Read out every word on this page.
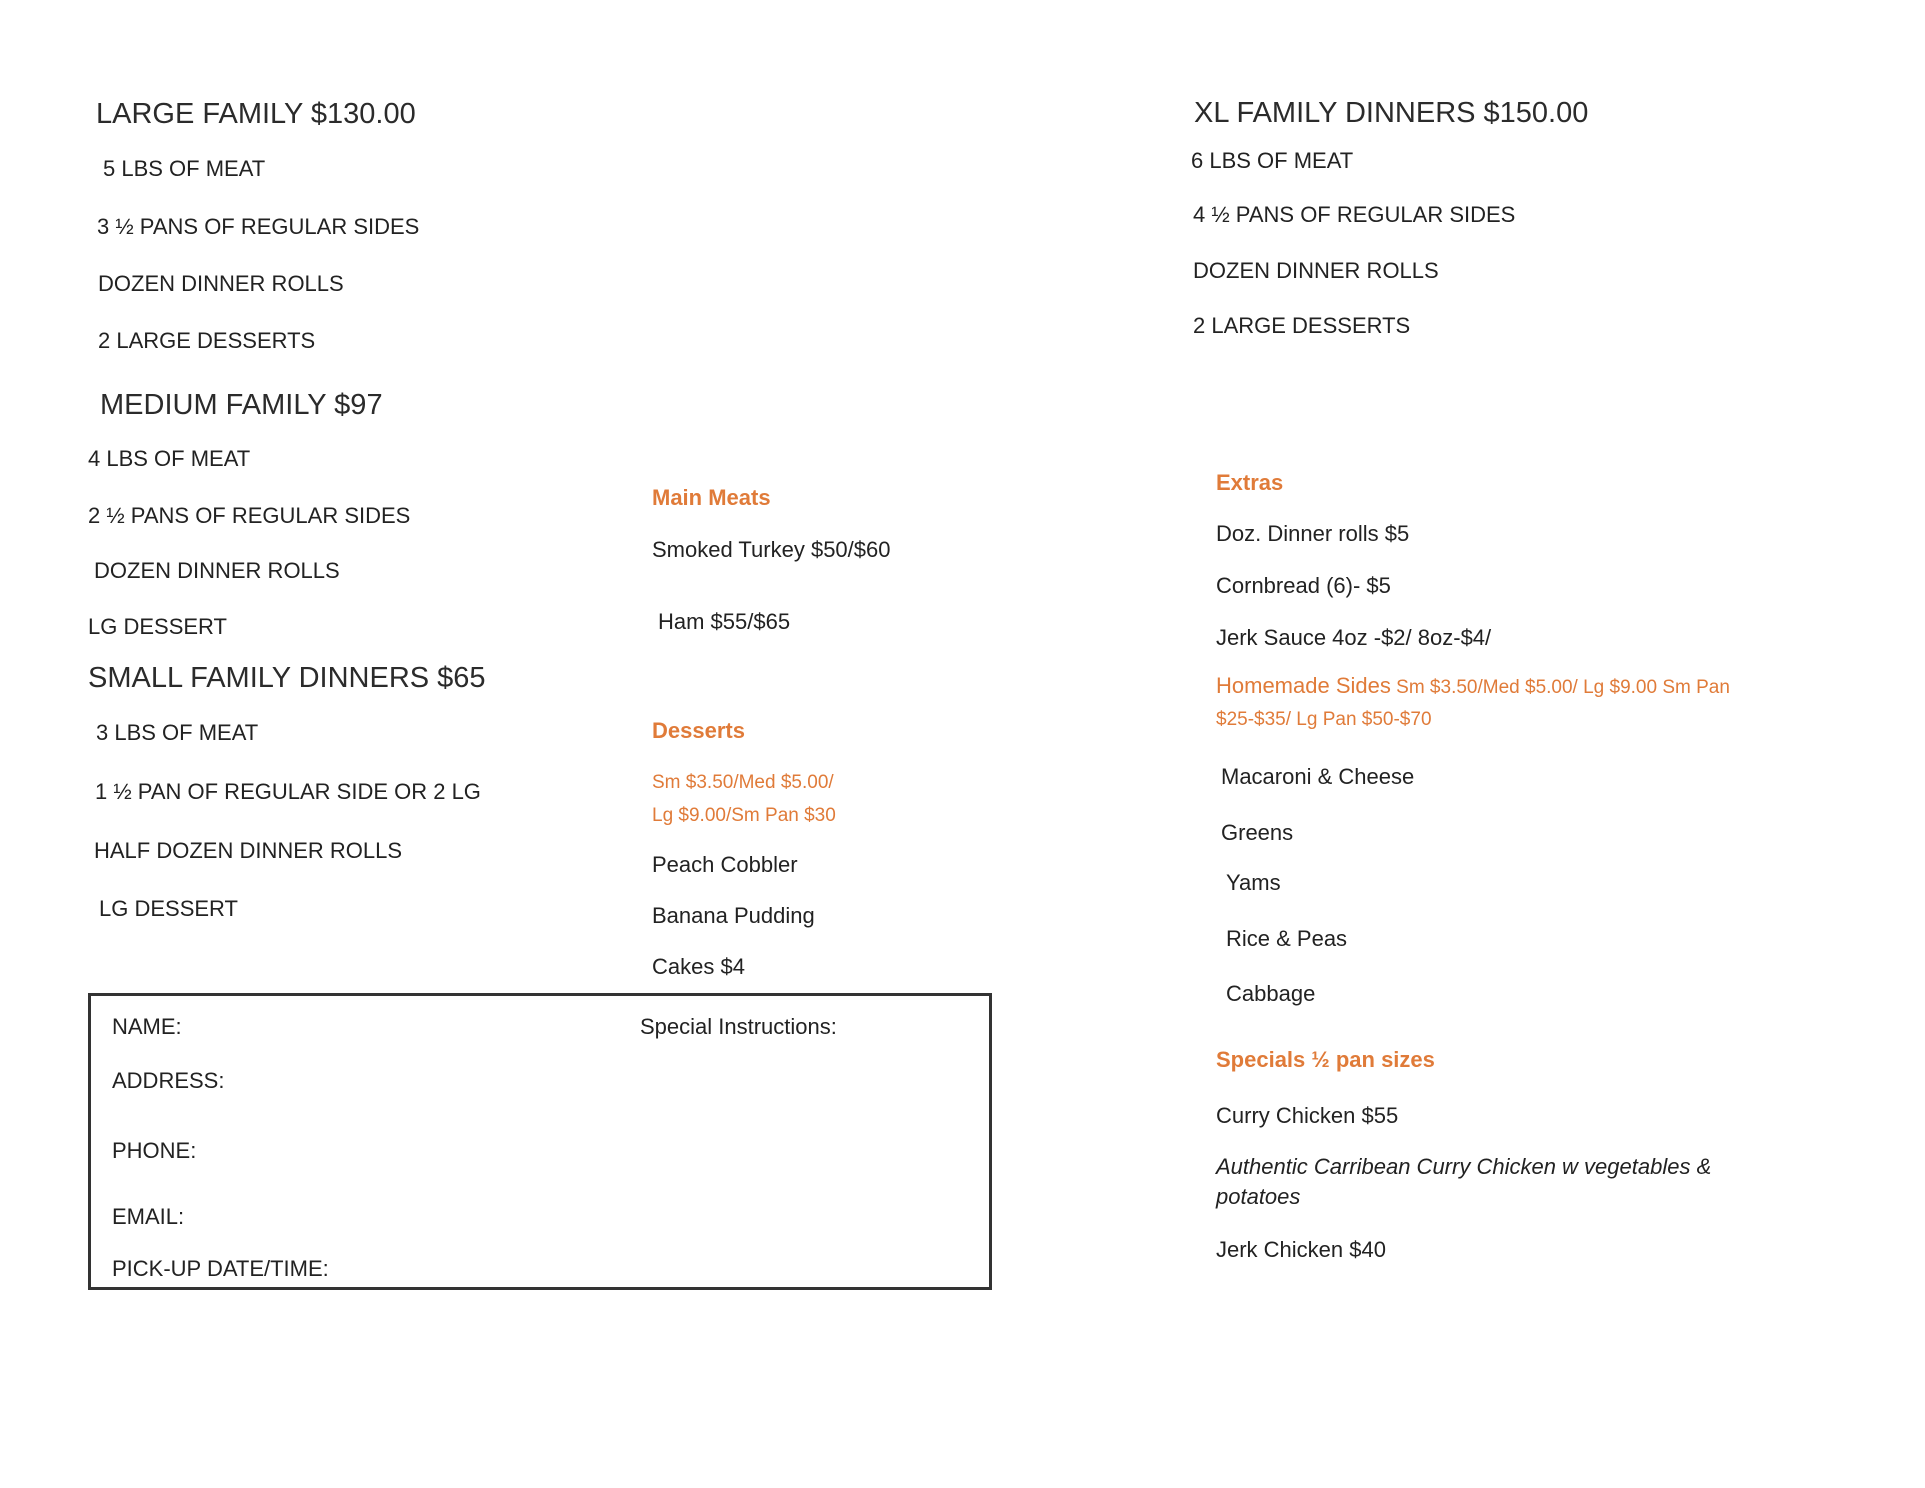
LARGE FAMILY $130.00
5 LBS OF MEAT
3 ½ PANS OF REGULAR SIDES
DOZEN DINNER ROLLS
2 LARGE DESSERTS
MEDIUM FAMILY $97
4 LBS OF MEAT
2 ½ PANS OF REGULAR SIDES
DOZEN DINNER ROLLS
LG DESSERT
SMALL FAMILY DINNERS $65
3 LBS OF MEAT
1 ½ PAN OF REGULAR SIDE OR 2 LG
HALF DOZEN DINNER ROLLS
LG DESSERT
XL FAMILY DINNERS $150.00
6 LBS OF MEAT
4 ½ PANS OF REGULAR SIDES
DOZEN DINNER ROLLS
2 LARGE DESSERTS
Main Meats
Smoked Turkey $50/$60
Ham $55/$65
Desserts
Sm $3.50/Med $5.00/
Lg $9.00/Sm Pan $30
Peach Cobbler
Banana Pudding
Cakes $4
Extras
Doz. Dinner rolls $5
Cornbread (6)- $5
Jerk Sauce 4oz -$2/ 8oz-$4/
Homemade Sides Sm $3.50/Med $5.00/ Lg $9.00 Sm Pan
$25-$35/ Lg Pan $50-$70
Macaroni & Cheese
Greens
Yams
Rice & Peas
Cabbage
Specials ½ pan sizes
Curry Chicken $55
Authentic Carribean Curry Chicken w vegetables & potatoes
Jerk Chicken $40
NAME:	Special Instructions:
ADDRESS:
PHONE:
EMAIL:
PICK-UP DATE/TIME:
